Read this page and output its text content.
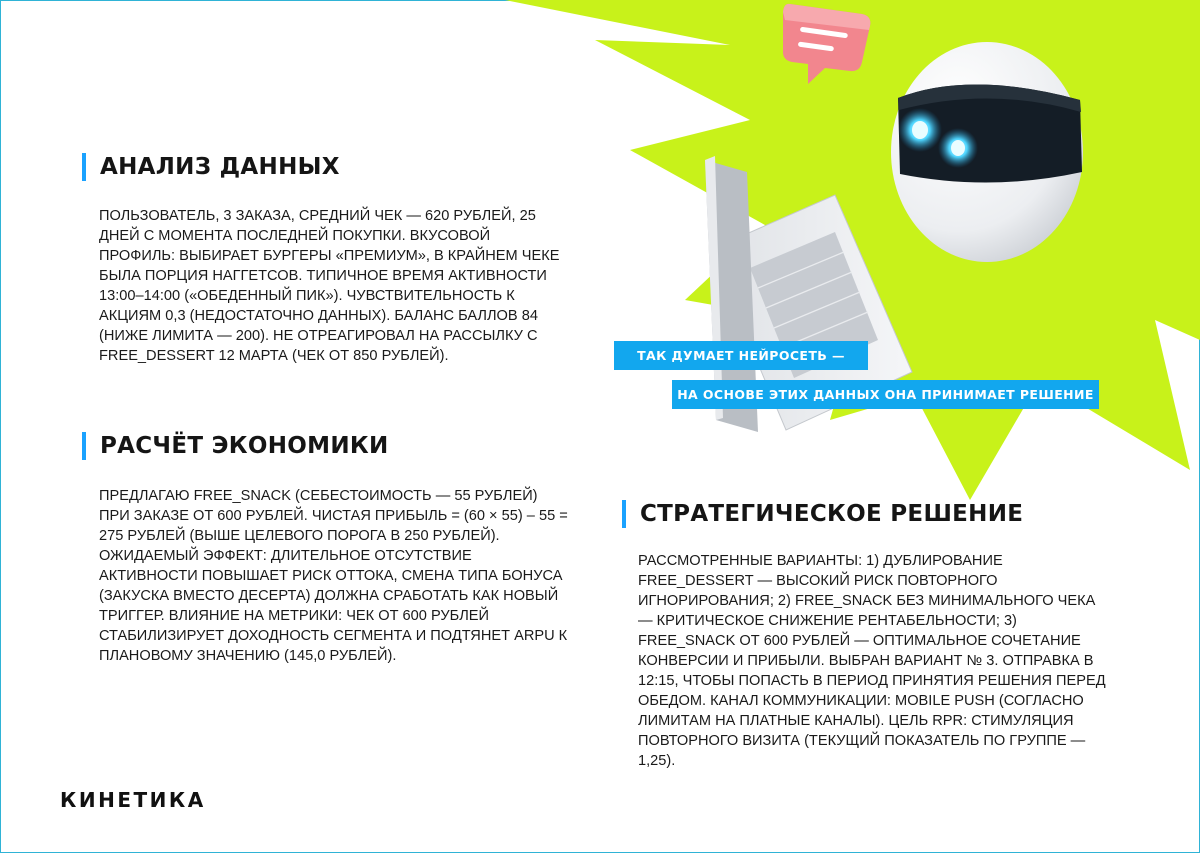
ТАК ДУМАЕТ НЕЙРОСЕТЬ —
НА ОСНОВЕ ЭТИХ ДАННЫХ ОНА ПРИНИМАЕТ РЕШЕНИЕ
АНАЛИЗ ДАННЫХ

ПОЛЬЗОВАТЕЛЬ, 3 ЗАКАЗА, СРЕДНИЙ ЧЕК — 620 РУБЛЕЙ, 25 ДНЕЙ С МОМЕНТА ПОСЛЕДНЕЙ ПОКУПКИ. ВКУСОВОЙ ПРОФИЛЬ: ВЫБИРАЕТ БУРГЕРЫ «ПРЕМИУМ», В КРАЙНЕМ ЧЕКЕ БЫЛА ПОРЦИЯ НАГГЕТСОВ. ТИПИЧНОЕ ВРЕМЯ АКТИВНОСТИ 13:00–14:00 («ОБЕДЕННЫЙ ПИК»). ЧУВСТВИТЕЛЬНОСТЬ К АКЦИЯМ 0,3 (НЕДОСТАТОЧНО ДАННЫХ). БАЛАНС БАЛЛОВ 84 (НИЖЕ ЛИМИТА — 200). НЕ ОТРЕАГИРОВАЛ НА РАССЫЛКУ С FREE_DESSERT 12 МАРТА (ЧЕК ОТ 850 РУБЛЕЙ).

РАСЧЁТ ЭКОНОМИКИ

ПРЕДЛАГАЮ FREE_SNACK (СЕБЕСТОИМОСТЬ — 55 РУБЛЕЙ) ПРИ ЗАКАЗЕ ОТ 600 РУБЛЕЙ. ЧИСТАЯ ПРИБЫЛЬ = (60 × 55) – 55 = 275 РУБЛЕЙ (ВЫШЕ ЦЕЛЕВОГО ПОРОГА В 250 РУБЛЕЙ). ОЖИДАЕМЫЙ ЭФФЕКТ: ДЛИТЕЛЬНОЕ ОТСУТСТВИЕ АКТИВНОСТИ ПОВЫШАЕТ РИСК ОТТОКА, СМЕНА ТИПА БОНУСА (ЗАКУСКА ВМЕСТО ДЕСЕРТА) ДОЛЖНА СРАБОТАТЬ КАК НОВЫЙ ТРИГГЕР. ВЛИЯНИЕ НА МЕТРИКИ: ЧЕК ОТ 600 РУБЛЕЙ СТАБИЛИЗИРУЕТ ДОХОДНОСТЬ СЕГМЕНТА И ПОДТЯНЕТ ARPU К ПЛАНОВОМУ ЗНАЧЕНИЮ (145,0 РУБЛЕЙ).

СТРАТЕГИЧЕСКОЕ РЕШЕНИЕ

РАССМОТРЕННЫЕ ВАРИАНТЫ: 1) ДУБЛИРОВАНИЕ FREE_DESSERT — ВЫСОКИЙ РИСК ПОВТОРНОГО ИГНОРИРОВАНИЯ; 2) FREE_SNACK БЕЗ МИНИМАЛЬНОГО ЧЕКА — КРИТИЧЕСКОЕ СНИЖЕНИЕ РЕНТАБЕЛЬНОСТИ; 3) FREE_SNACK ОТ 600 РУБЛЕЙ — ОПТИМАЛЬНОЕ СОЧЕТАНИЕ КОНВЕРСИИ И ПРИБЫЛИ. ВЫБРАН ВАРИАНТ № 3. ОТПРАВКА В 12:15, ЧТОБЫ ПОПАСТЬ В ПЕРИОД ПРИНЯТИЯ РЕШЕНИЯ ПЕРЕД ОБЕДОМ. КАНАЛ КОММУНИКАЦИИ: MOBILE PUSH (СОГЛАСНО ЛИМИТАМ НА ПЛАТНЫЕ КАНАЛЫ). ЦЕЛЬ RPR: СТИМУЛЯЦИЯ ПОВТОРНОГО ВИЗИТА (ТЕКУЩИЙ ПОКАЗАТЕЛЬ ПО ГРУППЕ — 1,25).

КИНЕТИКА
